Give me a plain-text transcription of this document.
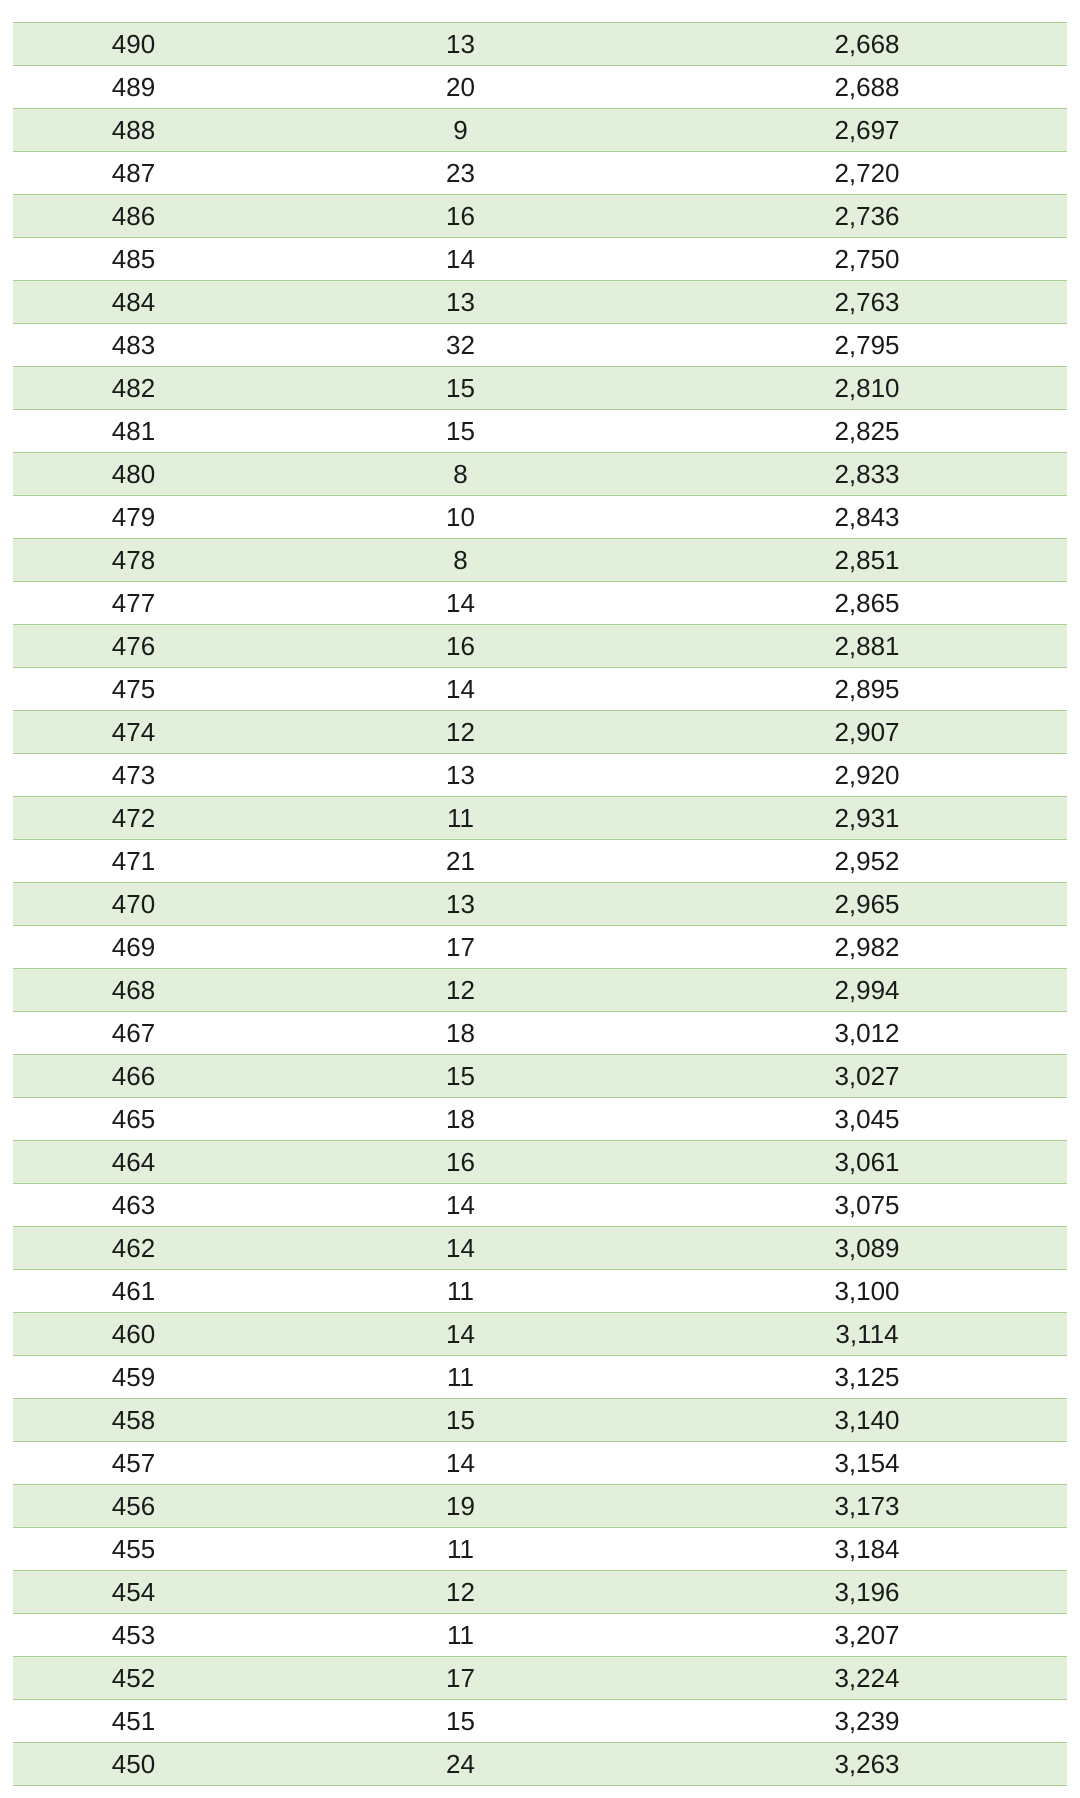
490	13	2,668
489	20	2,688
488	9	2,697
487	23	2,720
486	16	2,736
485	14	2,750
484	13	2,763
483	32	2,795
482	15	2,810
481	15	2,825
480	8	2,833
479	10	2,843
478	8	2,851
477	14	2,865
476	16	2,881
475	14	2,895
474	12	2,907
473	13	2,920
472	11	2,931
471	21	2,952
470	13	2,965
469	17	2,982
468	12	2,994
467	18	3,012
466	15	3,027
465	18	3,045
464	16	3,061
463	14	3,075
462	14	3,089
461	11	3,100
460	14	3,114
459	11	3,125
458	15	3,140
457	14	3,154
456	19	3,173
455	11	3,184
454	12	3,196
453	11	3,207
452	17	3,224
451	15	3,239
450	24	3,263
